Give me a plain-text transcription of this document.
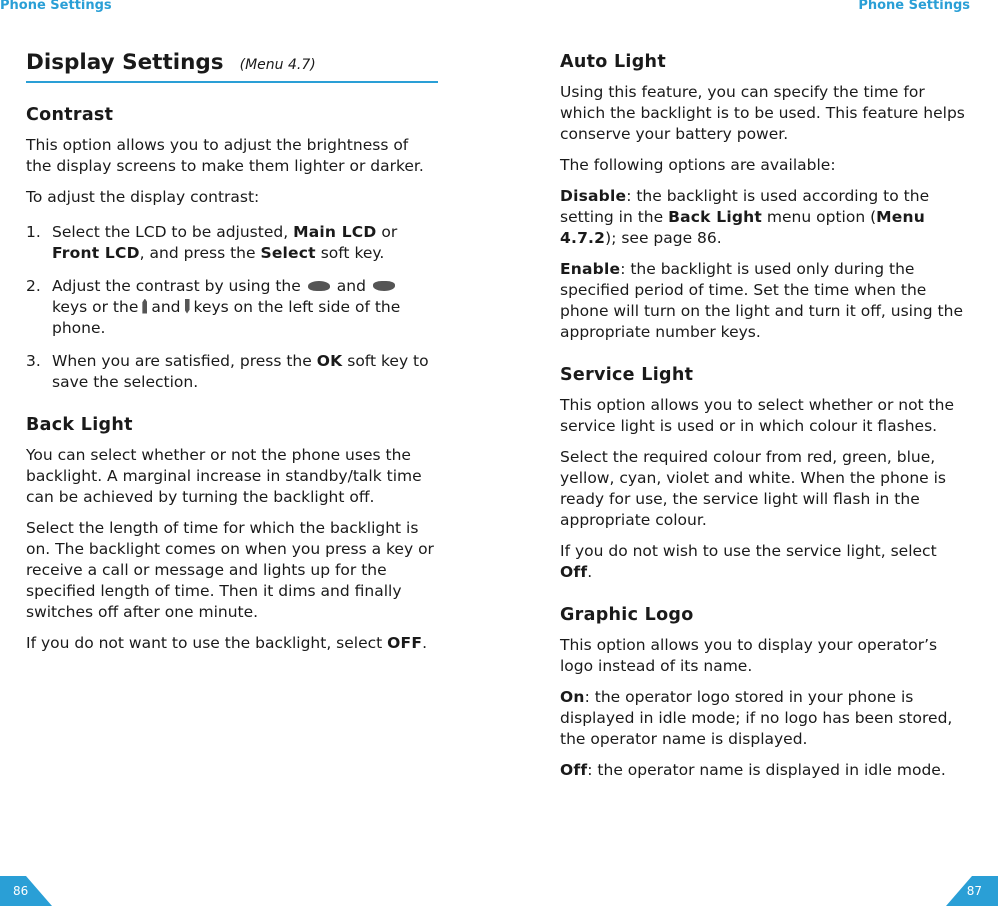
Phone Settings
Display Settings (Menu 4.7)
Contrast

This option allows you to adjust the brightness of the display screens to make them lighter or darker.

To adjust the display contrast:

1. Select the LCD to be adjusted, Main LCD or Front LCD, and press the Select soft key.
2. Adjust the contrast by using the and
keys or the and keys on the left side of the phone.
3. When you are satisfied, press the OK soft key to save the selection.
Back Light

You can select whether or not the phone uses the backlight. A marginal increase in standby/talk time can be achieved by turning the backlight off.

Select the length of time for which the backlight is on. The backlight comes on when you press a key or receive a call or message and lights up for the specified length of time. Then it dims and finally switches off after one minute.

If you do not want to use the backlight, select OFF.

86
Phone Settings
Auto Light

Using this feature, you can specify the time for which the backlight is to be used. This feature helps conserve your battery power.

The following options are available:

Disable: the backlight is used according to the setting in the Back Light menu option (Menu 4.7.2); see page 86.

Enable: the backlight is used only during the specified period of time. Set the time when the phone will turn on the light and turn it off, using the appropriate number keys.

Service Light

This option allows you to select whether or not the service light is used or in which colour it flashes.

Select the required colour from red, green, blue, yellow, cyan, violet and white. When the phone is ready for use, the service light will flash in the appropriate colour.

If you do not wish to use the service light, select Off.

Graphic Logo

This option allows you to display your operator’s logo instead of its name.

On: the operator logo stored in your phone is displayed in idle mode; if no logo has been stored, the operator name is displayed.

Off: the operator name is displayed in idle mode.

87
